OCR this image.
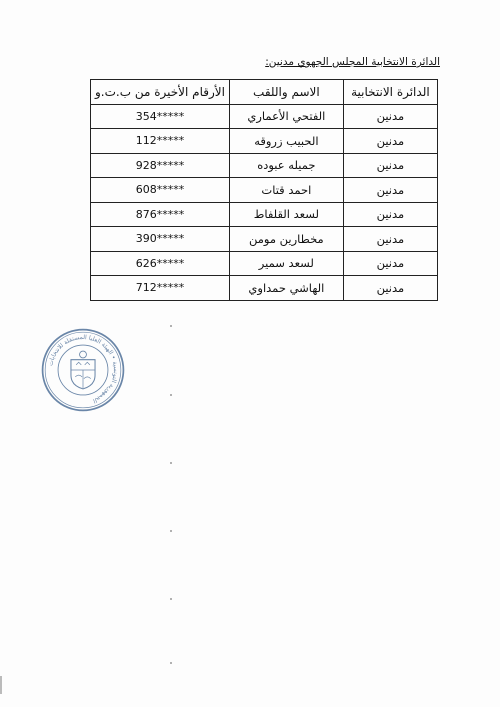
الدائرة الانتخابية المجلس الجهوي مدنين:
الدائرة الانتخابية	الاسم واللقب	الأرقام الأخيرة من ب.ت.و
مدنين	الفتحي الأعماري	354*****
مدنين	الحبيب زروقه	112*****
مدنين	جميله عبوده	928*****
مدنين	احمد قتات	608*****
مدنين	لسعد القلفاط	876*****
مدنين	مخطارين مومن	390*****
مدنين	لسعد سمير	626*****
مدنين	الهاشي حمداوي	712*****
الجمهورية التونسية • الهيئة العليا المستقلة للانتخابات
